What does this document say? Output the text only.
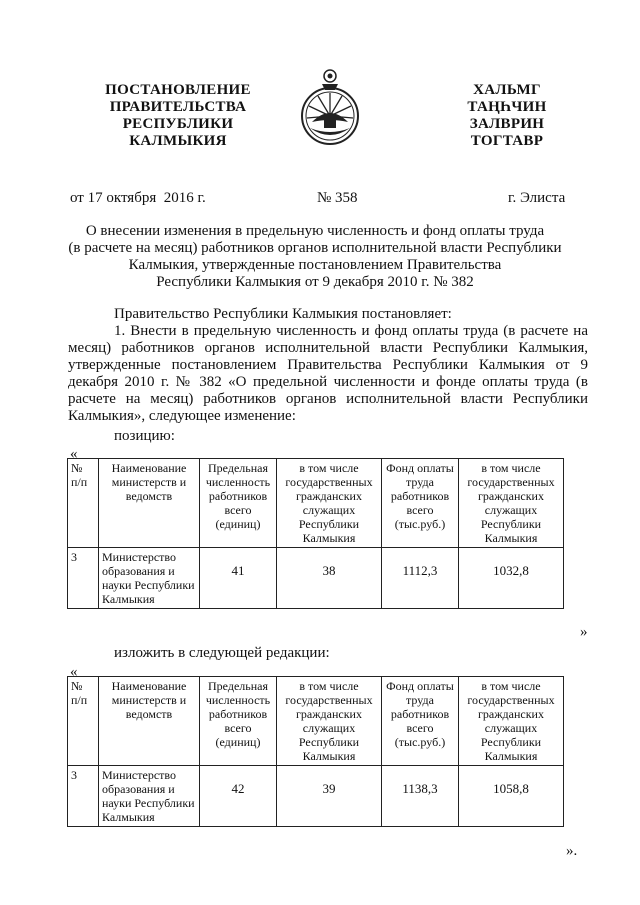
ПОСТАНОВЛЕНИЕ
ПРАВИТЕЛЬСТВА
РЕСПУБЛИКИ
КАЛМЫКИЯ
ХАЛЬМГ
ТАҢҺЧИН
ЗАЛВРИН
ТОГТАВР
от 17 октября  2016 г.	№ 358	г. Элиста
О внесении изменения в предельную численность и фонд оплаты труда
(в расчете на месяц) работников органов исполнительной власти Республики
Калмыкия, утвержденные постановлением Правительства
Республики Калмыкия от 9 декабря 2010 г. № 382
Правительство Республики Калмыкия постановляет:
1. Внести в предельную численность и фонд оплаты труда (в расчете на месяц) работников органов исполнительной власти Республики Калмыкия, утвержденные постановлением Правительства Республики Калмыкия от 9 декабря 2010 г. № 382 «О предельной численности и фонде оплаты труда (в расчете на месяц) работников органов исполнительной власти Республики Калмыкия», следующее изменение:
позицию:
«
№ п/п	Наименование министерств и ведомств	Предельная численность работников всего (единиц)	в том числе государственных гражданских служащих Республики Калмыкия	Фонд оплаты труда работников всего (тыс.руб.)	в том числе государственных гражданских служащих Республики Калмыкия
3	Министерство образования и науки Республики Калмыкия	41	38	1112,3	1032,8
»
изложить в следующей редакции:
«
№ п/п	Наименование министерств и ведомств	Предельная численность работников всего (единиц)	в том числе государственных гражданских служащих Республики Калмыкия	Фонд оплаты труда работников всего (тыс.руб.)	в том числе государственных гражданских служащих Республики Калмыкия
3	Министерство образования и науки Республики Калмыкия	42	39	1138,3	1058,8
».
